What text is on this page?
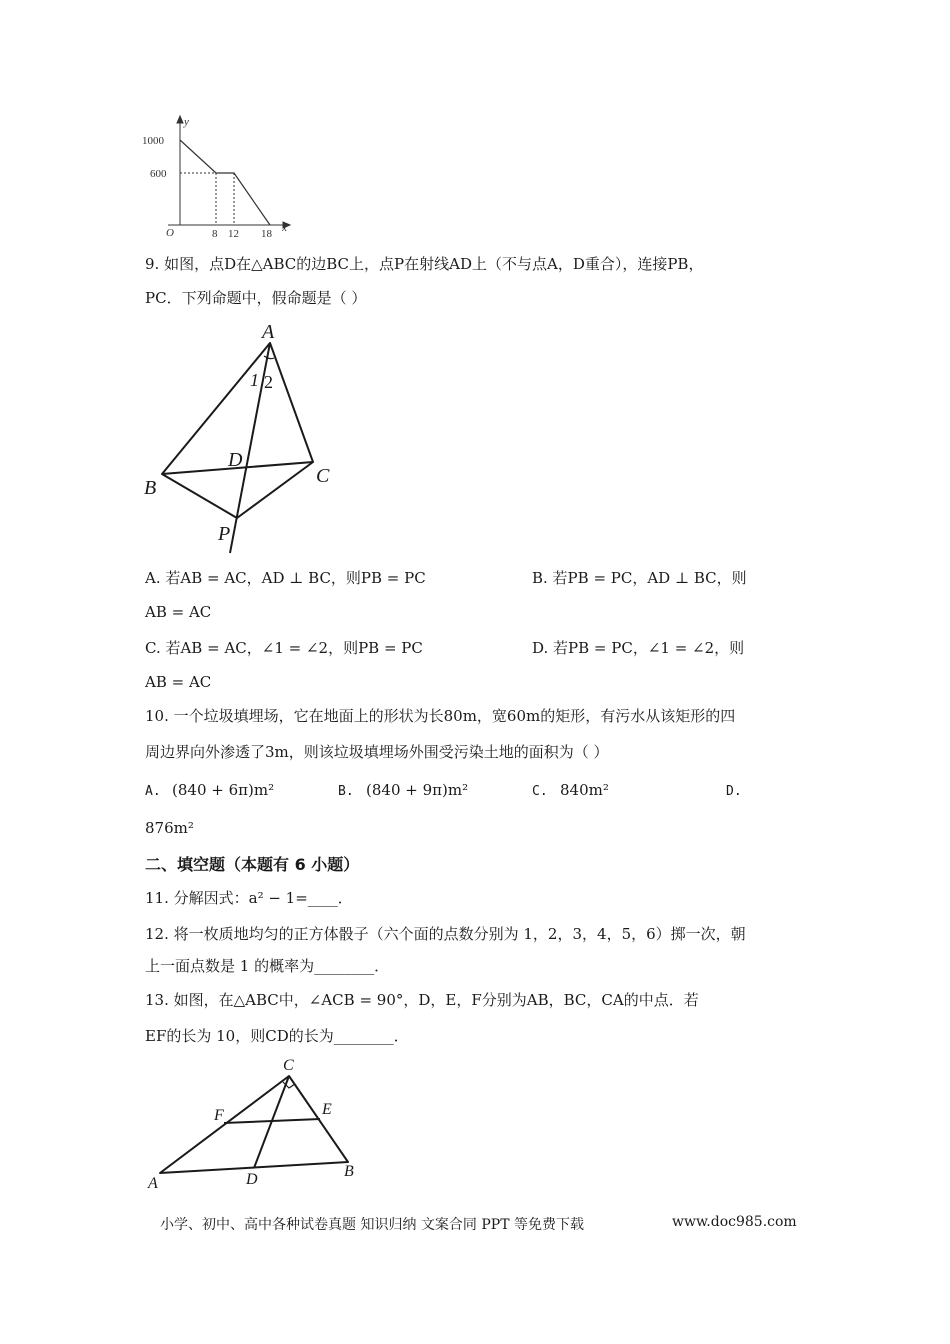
y
x
O
1000
600
8 12 18
9. 如图，点D在△ABC的边BC上，点P在射线AD上（不与点A，D重合），连接PB，
PC．下列命题中，假命题是（ ）
A
B
C
D
P
1 2
A. 若AB = AC，AD ⊥ BC，则PB = PC	B. 若PB = PC，AD ⊥ BC，则
AB = AC
C. 若AB = AC，∠1 = ∠2，则PB = PC	D. 若PB = PC，∠1 = ∠2，则
AB = AC
10. 一个垃圾填埋场，它在地面上的形状为长80m，宽60m的矩形，有污水从该矩形的四
周边界向外渗透了3m，则该垃圾填埋场外围受污染土地的面积为（ ）
A. (840 + 6π)m²	B. (840 + 9π)m²	C. 840m²	D.
876m²
二、填空题（本题有 6 小题）
11. 分解因式：a² − 1=____．
12. 将一枚质地均匀的正方体骰子（六个面的点数分别为 1，2，3，4，5，6）掷一次，朝
上一面点数是 1 的概率为________．
13. 如图，在△ABC中，∠ACB = 90°，D，E，F分别为AB，BC，CA的中点．若
EF的长为 10，则CD的长为________．
C
A
B
D
E
F
小学、初中、高中各种试卷真题 知识归纳 文案合同 PPT 等免费下载	www.doc985.com
